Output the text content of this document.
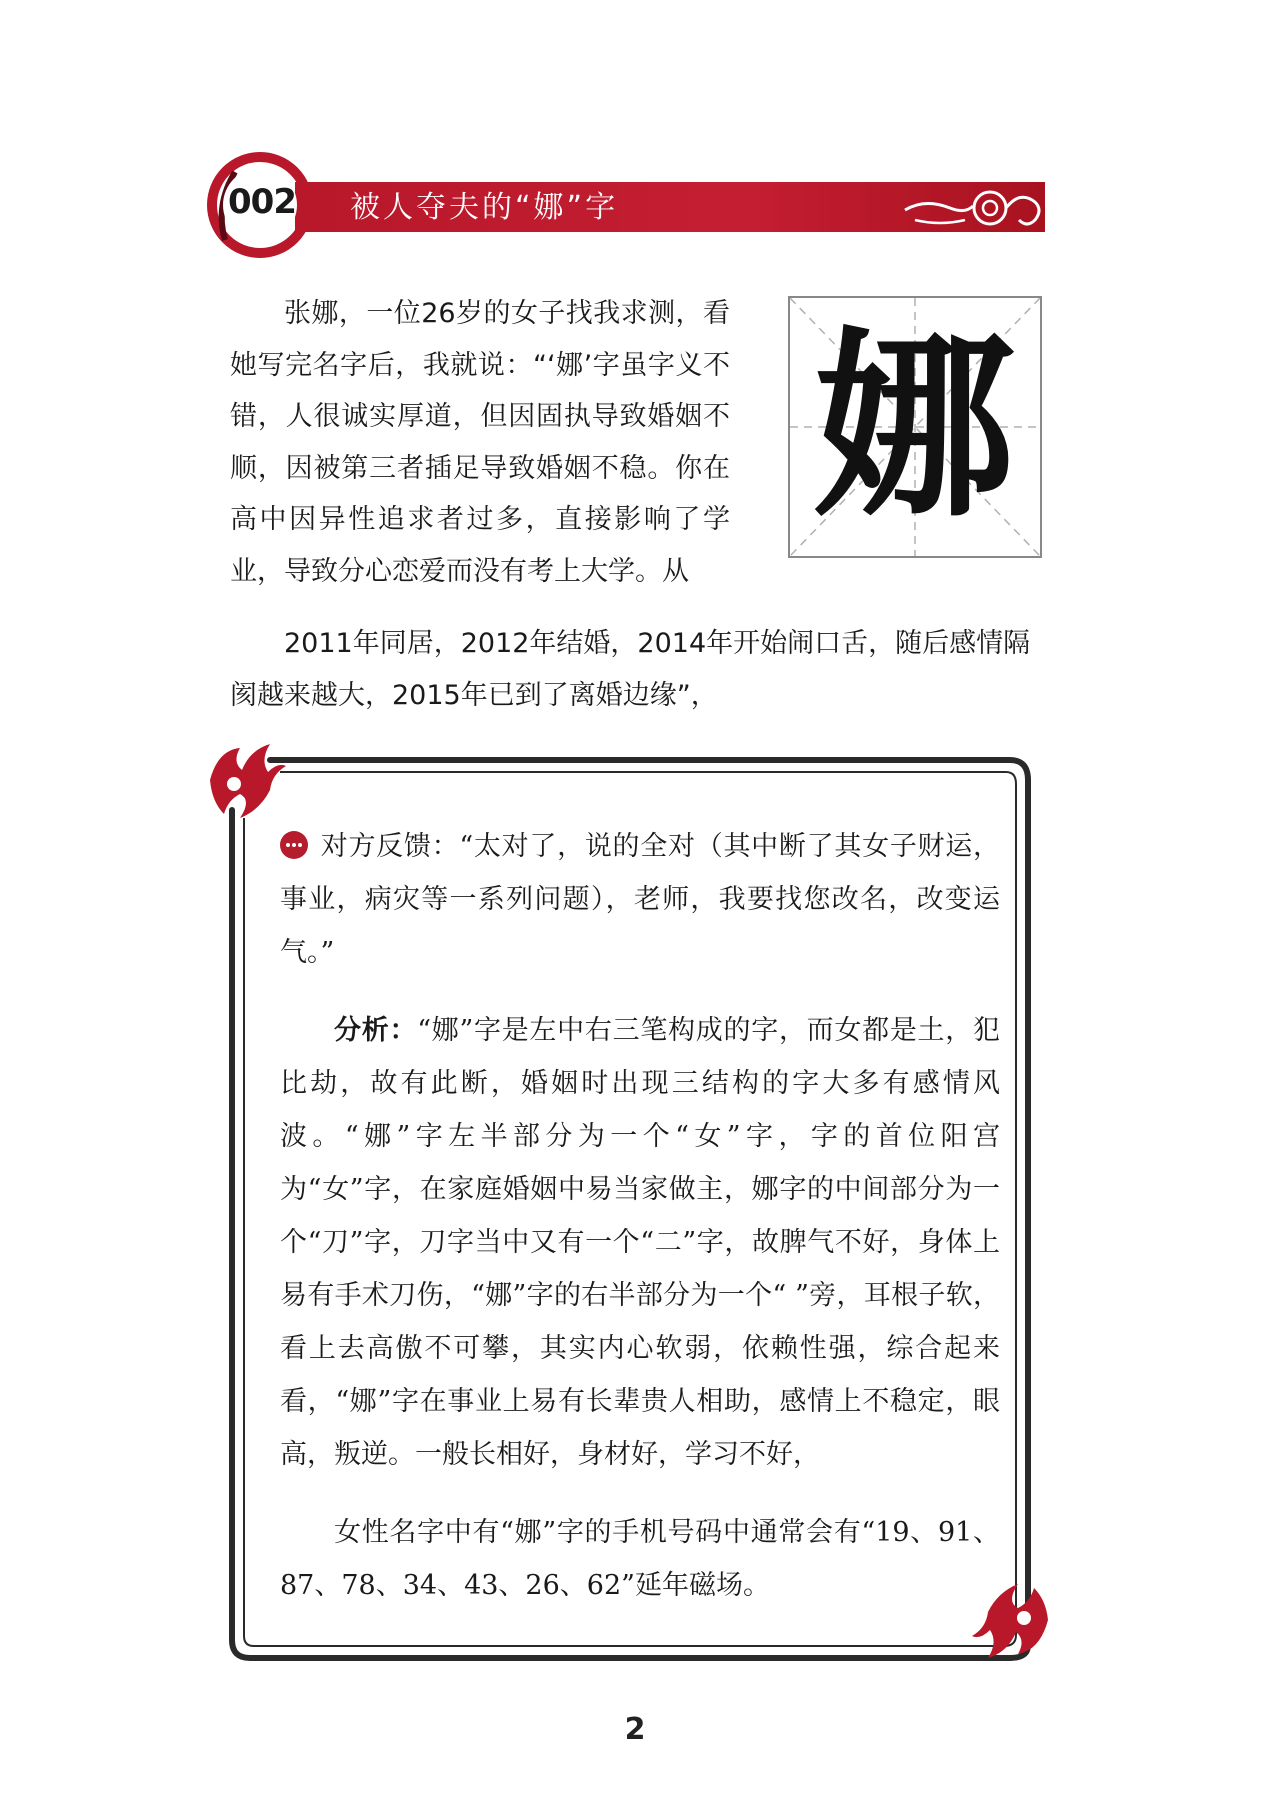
被人夺夫的“娜”字
002

张娜，一位26岁的女子找我求测，看她写完名字后，我就说：“‘娜’字虽字义不错，人很诚实厚道，但因固执导致婚姻不顺，因被第三者插足导致婚姻不稳。你在高中因异性追求者过多，直接影响了学业，导致分心恋爱而没有考上大学。从

娜

2011年同居，2012年结婚，2014年开始闹口舌，随后感情隔阂越来越大，2015年已到了离婚边缘”，

对方反馈：“太对了，说的全对（其中断了其女子财运，事业，病灾等一系列问题），老师，我要找您改名，改变运气。”

分析：“娜”字是左中右三笔构成的字，而女都是土，犯比劫，故有此断，婚姻时出现三结构的字大多有感情风波。“娜”字左半部分为一个“女”字，字的首位阳宫为“女”字，在家庭婚姻中易当家做主，娜字的中间部分为一个“刀”字，刀字当中又有一个“二”字，故脾气不好，身体上易有手术刀伤，“娜”字的右半部分为一个“ ”旁，耳根子软，看上去高傲不可攀，其实内心软弱，依赖性强，综合起来看，“娜”字在事业上易有长辈贵人相助，感情上不稳定，眼高，叛逆。一般长相好，身材好，学习不好，

女性名字中有“娜”字的手机号码中通常会有“19、91、87、78、34、43、26、62”延年磁场。

2
